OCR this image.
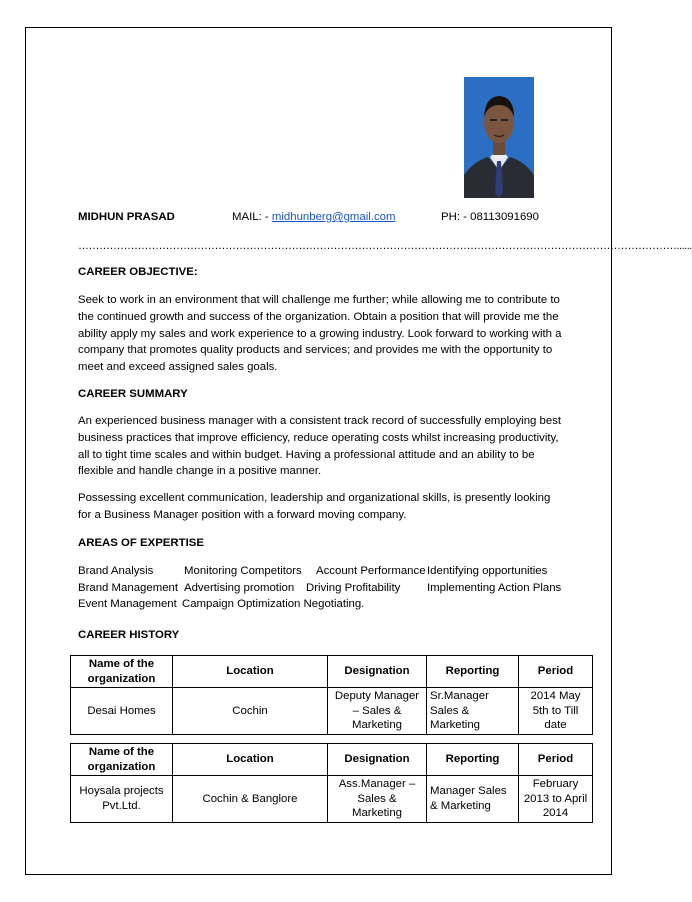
MIDHUN PRASAD	MAIL: - midhunberg@gmail.com	PH: - 08113091690
………………………………………………………………………………………………………………………………………………………......
CAREER OBJECTIVE:
Seek to work in an environment that will challenge me further; while allowing me to contribute to the continued growth and success of the organization. Obtain a position that will provide me the ability apply my sales and work experience to a growing industry. Look forward to working with a company that promotes quality products and services; and provides me with the opportunity to meet and exceed assigned sales goals.
CAREER SUMMARY
An experienced business manager with a consistent track record of successfully employing best business practices that improve efficiency, reduce operating costs whilst increasing productivity, all to tight time scales and within budget. Having a professional attitude and an ability to be flexible and handle change in a positive manner.
Possessing excellent communication, leadership and organizational skills, is presently looking for a Business Manager position with a forward moving company.
AREAS OF EXPERTISE
Brand Analysis	Monitoring Competitors Account Performance Identifying opportunities
Brand Management Advertising promotion Driving Profitability Implementing Action Plans
Event Management Campaign Optimization Negotiating.
CAREER HISTORY
Name of the organization	Location	Designation	Reporting	Period
Desai Homes	Cochin	Deputy Manager – Sales & Marketing	Sr.Manager Sales & Marketing	2014 May 5th to Till date
Name of the organization	Location	Designation	Reporting	Period
Hoysala projects Pvt.Ltd.	Cochin & Banglore	Ass.Manager – Sales & Marketing	Manager Sales & Marketing	February 2013 to April 2014
